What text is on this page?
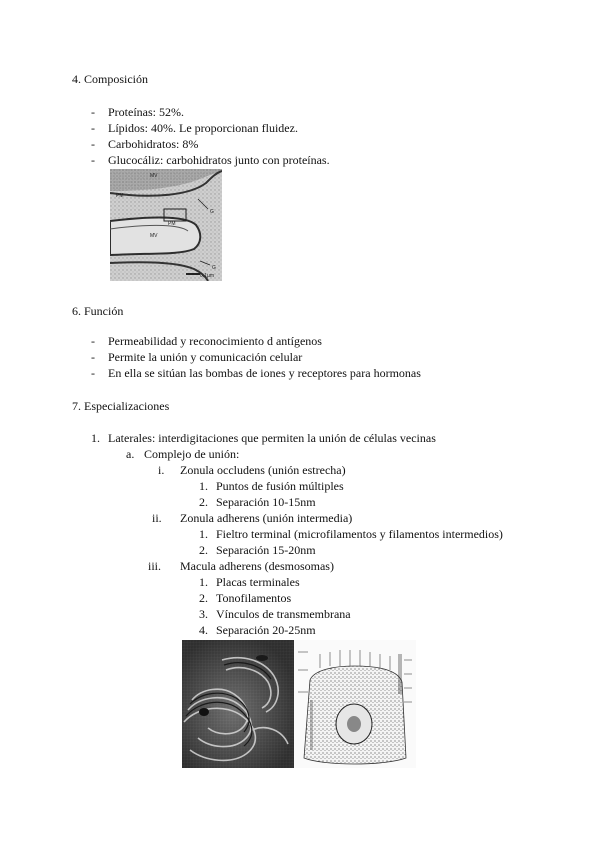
4. Composición
- Proteínas: 52%.
- Lípidos: 40%. Le proporcionan fluidez.
- Carbohidratos: 8%
- Glucocáliz: carbohidratos junto con proteínas.
MV
PM
PM
MV
G
G
0.1µm
6. Función
- Permeabilidad y reconocimiento d antígenos
- Permite la unión y comunicación celular
- En ella se sitúan las bombas de iones y receptores para hormonas
7. Especializaciones
1. Laterales: interdigitaciones que permiten la unión de células vecinas
a. Complejo de unión:
i. Zonula occludens (unión estrecha)
1. Puntos de fusión múltiples
2. Separación 10-15nm
ii. Zonula adherens (unión intermedia)
1. Fieltro terminal (microfilamentos y filamentos intermedios)
2. Separación 15-20nm
iii. Macula adherens (desmosomas)
1. Placas terminales
2. Tonofilamentos
3. Vínculos de transmembrana
4. Separación 20-25nm
